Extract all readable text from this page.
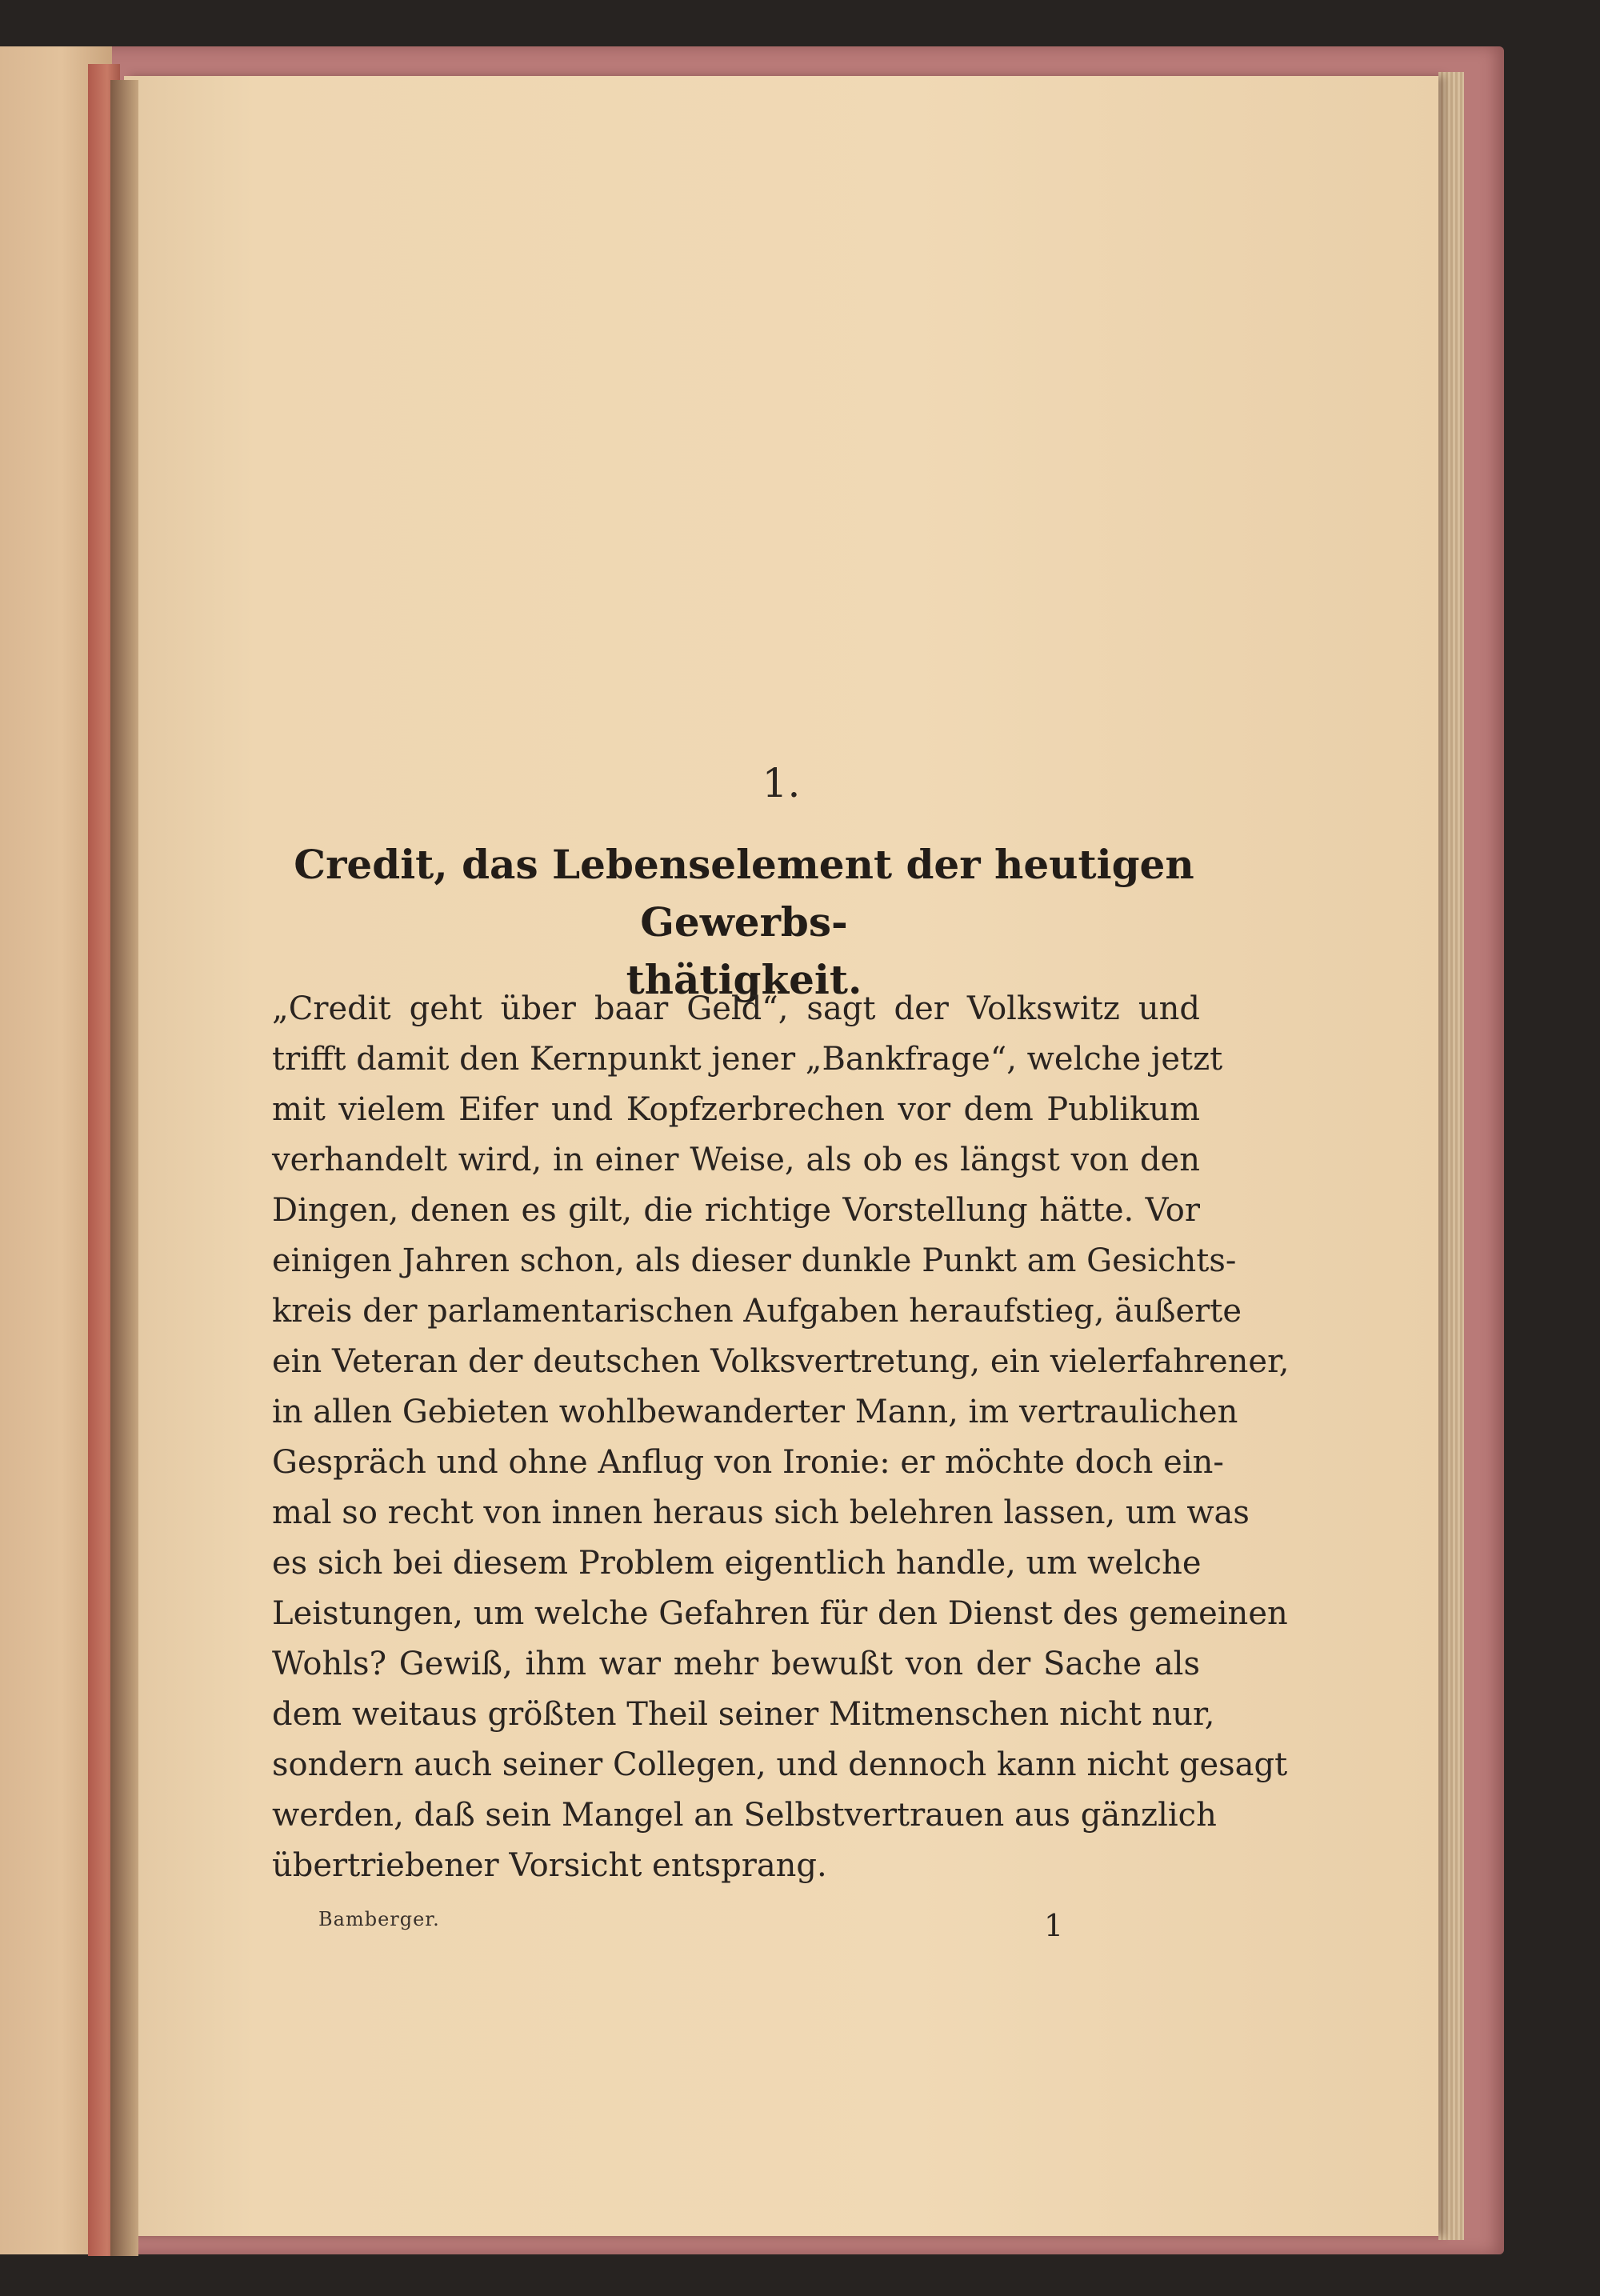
1.
Credit, das Lebenselement der heutigen Gewerbs-
thätigkeit.
„Credit geht über baar Geld“, sagt der Volkswitz und
trifft damit den Kernpunkt jener „Bankfrage“, welche jetzt
mit vielem Eifer und Kopfzerbrechen vor dem Publikum
verhandelt wird, in einer Weise, als ob es längst von den
Dingen, denen es gilt, die richtige Vorstellung hätte. Vor
einigen Jahren schon, als dieser dunkle Punkt am Gesichts-
kreis der parlamentarischen Aufgaben heraufstieg, äußerte
ein Veteran der deutschen Volksvertretung, ein vielerfahrener,
in allen Gebieten wohlbewanderter Mann, im vertraulichen
Gespräch und ohne Anflug von Ironie: er möchte doch ein-
mal so recht von innen heraus sich belehren lassen, um was
es sich bei diesem Problem eigentlich handle, um welche
Leistungen, um welche Gefahren für den Dienst des gemeinen
Wohls? Gewiß, ihm war mehr bewußt von der Sache als
dem weitaus größten Theil seiner Mitmenschen nicht nur,
sondern auch seiner Collegen, und dennoch kann nicht gesagt
werden, daß sein Mangel an Selbstvertrauen aus gänzlich
übertriebener Vorsicht entsprang.
Bamberger.	1
